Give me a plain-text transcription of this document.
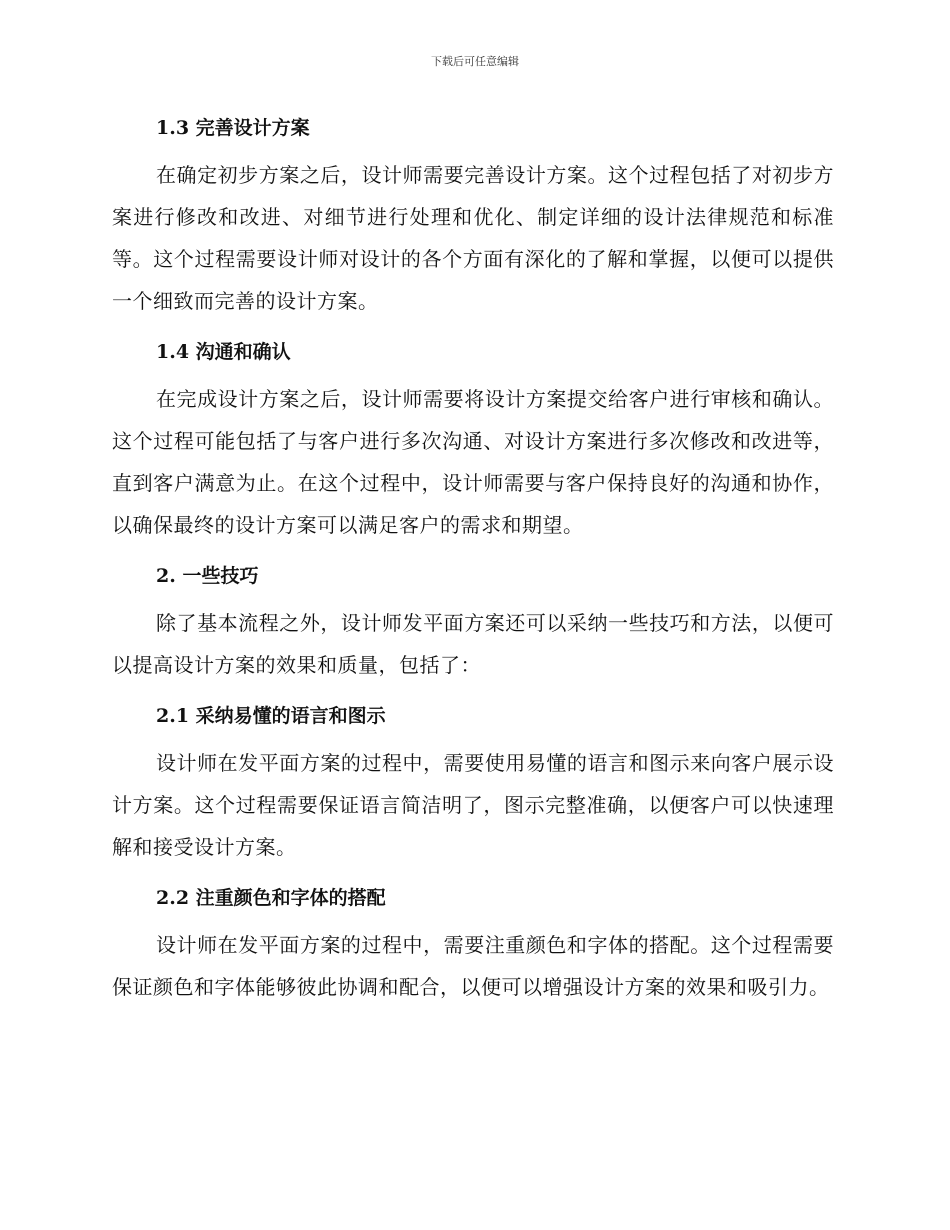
下载后可任意编辑
1.3 完善设计方案

在确定初步方案之后，设计师需要完善设计方案。这个过程包括了对初步方案进行修改和改进、对细节进行处理和优化、制定详细的设计法律规范和标准等。这个过程需要设计师对设计的各个方面有深化的了解和掌握，以便可以提供一个细致而完善的设计方案。

1.4 沟通和确认

在完成设计方案之后，设计师需要将设计方案提交给客户进行审核和确认。这个过程可能包括了与客户进行多次沟通、对设计方案进行多次修改和改进等，直到客户满意为止。在这个过程中，设计师需要与客户保持良好的沟通和协作，以确保最终的设计方案可以满足客户的需求和期望。

2. 一些技巧

除了基本流程之外，设计师发平面方案还可以采纳一些技巧和方法，以便可以提高设计方案的效果和质量，包括了：

2.1 采纳易懂的语言和图示

设计师在发平面方案的过程中，需要使用易懂的语言和图示来向客户展示设计方案。这个过程需要保证语言简洁明了，图示完整准确，以便客户可以快速理解和接受设计方案。

2.2 注重颜色和字体的搭配

设计师在发平面方案的过程中，需要注重颜色和字体的搭配。这个过程需要保证颜色和字体能够彼此协调和配合，以便可以增强设计方案的效果和吸引力。
